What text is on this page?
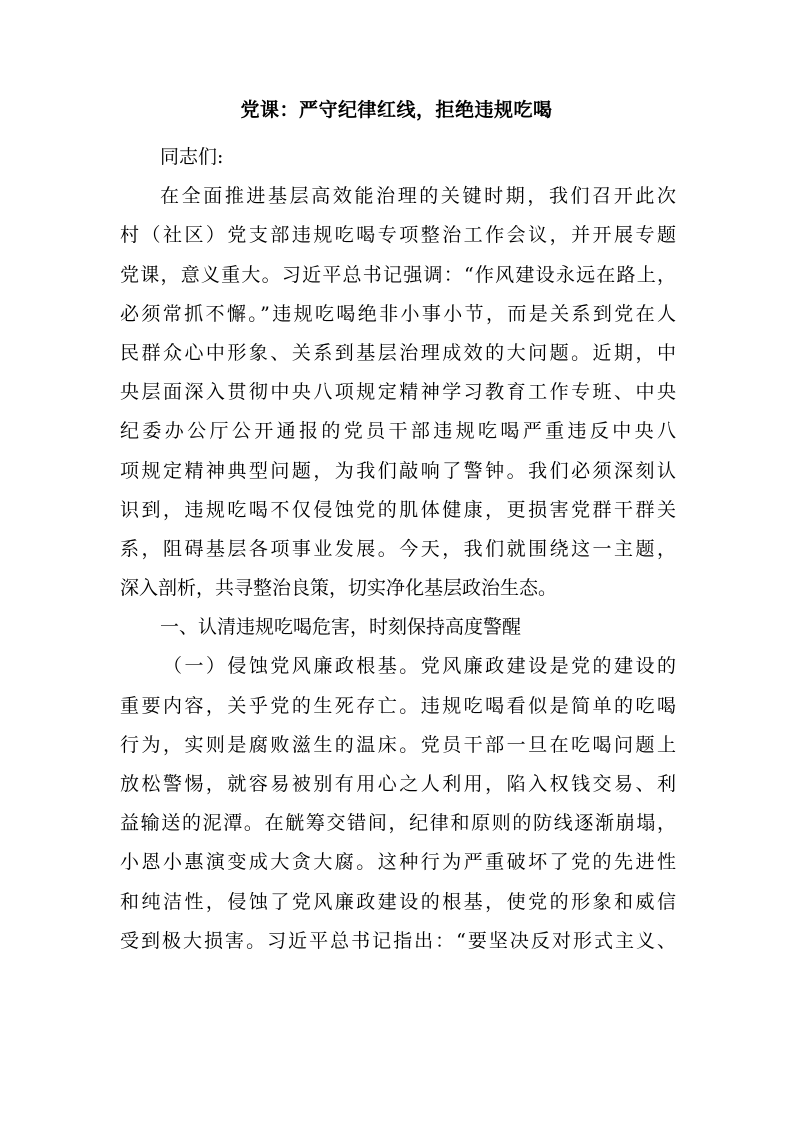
党课：严守纪律红线，拒绝违规吃喝
同志们:
在全面推进基层高效能治理的关键时期，我们召开此次
村（社区）党支部违规吃喝专项整治工作会议，并开展专题
党课，意义重大。习近平总书记强调：“作风建设永远在路上，
必须常抓不懈。”违规吃喝绝非小事小节，而是关系到党在人
民群众心中形象、关系到基层治理成效的大问题。近期，中
央层面深入贯彻中央八项规定精神学习教育工作专班、中央
纪委办公厅公开通报的党员干部违规吃喝严重违反中央八
项规定精神典型问题，为我们敲响了警钟。我们必须深刻认
识到，违规吃喝不仅侵蚀党的肌体健康，更损害党群干群关
系，阻碍基层各项事业发展。今天，我们就围绕这一主题，
深入剖析，共寻整治良策，切实净化基层政治生态。
一、认清违规吃喝危害，时刻保持高度警醒
（一）侵蚀党风廉政根基。党风廉政建设是党的建设的
重要内容，关乎党的生死存亡。违规吃喝看似是简单的吃喝
行为，实则是腐败滋生的温床。党员干部一旦在吃喝问题上
放松警惕，就容易被别有用心之人利用，陷入权钱交易、利
益输送的泥潭。在觥筹交错间，纪律和原则的防线逐渐崩塌，
小恩小惠演变成大贪大腐。这种行为严重破坏了党的先进性
和纯洁性，侵蚀了党风廉政建设的根基，使党的形象和威信
受到极大损害。习近平总书记指出：“要坚决反对形式主义、
